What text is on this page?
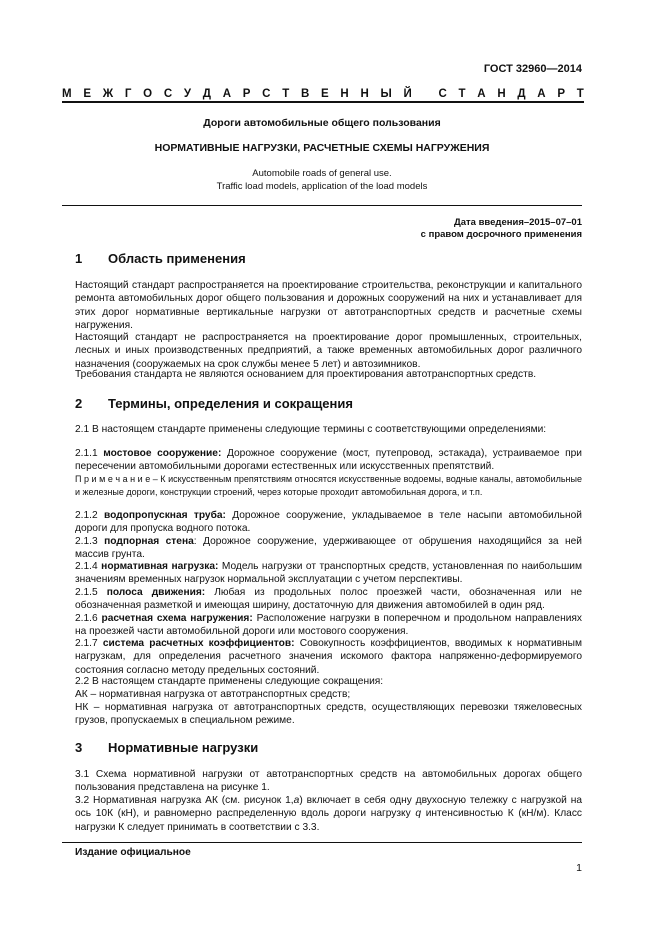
ГОСТ 32960—2014
М Е Ж Г О С У Д А Р С Т В Е Н Н Ы Й
С Т А Н Д А Р Т
Дороги автомобильные общего пользования
НОРМАТИВНЫЕ НАГРУЗКИ, РАСЧЕТНЫЕ СХЕМЫ НАГРУЖЕНИЯ
Automobile roads of general use.
Traffic load models, application of the load models
Дата введения–2015–07–01
с правом досрочного применения
1 Область применения
Настоящий стандарт распространяется на проектирование строительства, реконструкции и капитального ремонта автомобильных дорог общего пользования и дорожных сооружений на них и устанавливает для этих дорог нормативные вертикальные нагрузки от автотранспортных средств и расчетные схемы нагружения.
Настоящий стандарт не распространяется на проектирование дорог промышленных, строительных, лесных и иных производственных предприятий, а также временных автомобильных дорог различного назначения (сооружаемых на срок службы менее 5 лет) и автозимников.
Требования стандарта не являются основанием для проектирования автотранспортных средств.
2 Термины, определения и сокращения
2.1 В настоящем стандарте применены следующие термины с соответствующими определениями:
2.1.1 мостовое сооружение: Дорожное сооружение (мост, путепровод, эстакада), устраиваемое при пересечении автомобильными дорогами естественных или искусственных препятствий.
П р и м е ч а н и е – К искусственным препятствиям относятся искусственные водоемы, водные каналы, автомобильные и железные дороги, конструкции строений, через которые проходит автомобильная дорога, и т.п.
2.1.2 водопропускная труба: Дорожное сооружение, укладываемое в теле насыпи автомобильной дороги для пропуска водного потока.
2.1.3 подпорная стена: Дорожное сооружение, удерживающее от обрушения находящийся за ней массив грунта.
2.1.4 нормативная нагрузка: Модель нагрузки от транспортных средств, установленная по наибольшим значениям временных нагрузок нормальной эксплуатации с учетом перспективы.
2.1.5 полоса движения: Любая из продольных полос проезжей части, обозначенная или не обозначенная разметкой и имеющая ширину, достаточную для движения автомобилей в один ряд.
2.1.6 расчетная схема нагружения: Расположение нагрузки в поперечном и продольном направлениях на проезжей части автомобильной дороги или мостового сооружения.
2.1.7 система расчетных коэффициентов: Совокупность коэффициентов, вводимых к нормативным нагрузкам, для определения расчетного значения искомого фактора напряженно-деформируемого состояния согласно методу предельных состояний.
2.2 В настоящем стандарте применены следующие сокращения:
АК – нормативная нагрузка от автотранспортных средств;
НК – нормативная нагрузка от автотранспортных средств, осуществляющих перевозки тяжеловесных грузов, пропускаемых в специальном режиме.
3 Нормативные нагрузки
3.1 Схема нормативной нагрузки от автотранспортных средств на автомобильных дорогах общего пользования представлена на рисунке 1.
3.2 Нормативная нагрузка АК (см. рисунок 1,а) включает в себя одну двухосную тележку с нагрузкой на ось 10К (кН), и равномерно распределенную вдоль дороги нагрузку q интенсивностью К (кН/м). Класс нагрузки К следует принимать в соответствии с 3.3.
Издание официальное
1
